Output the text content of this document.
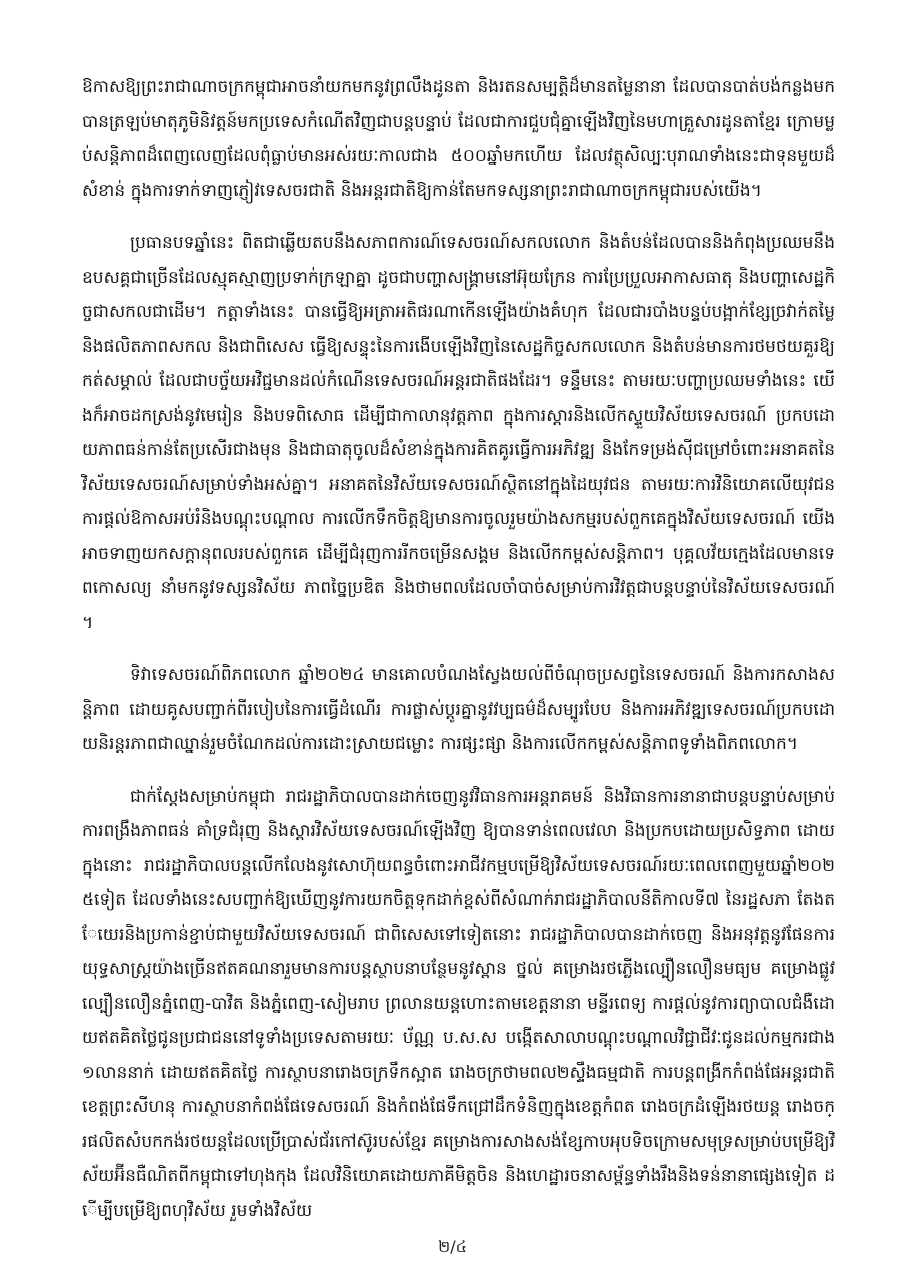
ឱកាសឱ្យព្រះរាជាណាចក្រកម្ពុជាអាចនាំយកមកនូវព្រលឹងដូនតា និងរតនសម្បត្តិដ៏មានតម្លៃនានា ដែលបានបាត់បង់កន្លងមក បានត្រឡប់មាតុភូមិនិវត្តន៍មកប្រទេសកំណើតវិញជាបន្តបន្ទាប់ ដែលជាការជួបជុំគ្នាឡើងវិញនៃមហាគ្រួសារដូនតាខ្មែរ ក្រោមម្លប់សន្តិភាពដ៏ពេញលេញដែលពុំធ្លាប់មានអស់រយៈកាលជាង ៥០០ឆ្នាំមកហើយ ដែលវត្ថុសិល្បៈបុរាណទាំងនេះជាទុនមួយដ៏សំខាន់ ក្នុងការទាក់ទាញភ្ញៀវទេសចរជាតិ និងអន្តរជាតិឱ្យកាន់តែមកទស្សនាព្រះរាជាណាចក្រកម្ពុជារបស់យើង។

ប្រធានបទឆ្នាំនេះ ពិតជាឆ្លើយតបនឹងសភាពការណ៍ទេសចរណ៍សកលលោក និងតំបន់ដែលបាននិងកំពុងប្រឈមនឹងឧបសគ្គជាច្រើនដែលស្មុគស្មាញប្រទាក់ក្រឡាគ្នា ដូចជាបញ្ហាសង្គ្រាមនៅអ៊ុយក្រែន ការប្រែប្រួលអាកាសធាតុ និងបញ្ហាសេដ្ឋកិច្ចជាសកលជាដើម។ កត្តាទាំងនេះ បានធ្វើឱ្យអត្រាអតិផរណាកើនឡើងយ៉ាងគំហុក ដែលជារបាំងបន្ទប់បង្អាក់ខ្សែច្រវាក់តម្លៃ និងផលិតភាពសកល និងជាពិសេស ធ្វើឱ្យសន្ទុះនៃការងើបឡើងវិញនៃសេដ្ឋកិច្ចសកលលោក និងតំបន់មានការថមថយគួរឱ្យកត់សម្គាល់ ដែលជាបច្ច័យអវិជ្ជមានដល់កំណើនទេសចរណ៍អន្តរជាតិផងដែរ។ ទន្ទឹមនេះ តាមរយៈបញ្ហាប្រឈមទាំងនេះ យើងក៏អាចដកស្រង់នូវមេរៀន និងបទពិសោធ ដើម្បីជាកាលានុវត្តភាព ក្នុងការស្តារនិងលើកស្ទួយវិស័យទេសចរណ៍ ប្រកបដោយភាពធន់កាន់តែប្រសើរជាងមុន និងជាធាតុចូលដ៏សំខាន់ក្នុងការគិតគូរធ្វើការអភិវឌ្ឍ និងកែទម្រង់ស៊ីជម្រៅចំពោះអនាគតនៃវិស័យទេសចរណ៍សម្រាប់ទាំងអស់គ្នា។ អនាគតនៃវិស័យទេសចរណ៍ស្ថិតនៅក្នុងដៃយុវជន តាមរយៈការវិនិយោគលើយុវជន ការផ្តល់ឱកាសអប់រំនិងបណ្តុះបណ្តាល ការលើកទឹកចិត្តឱ្យមានការចូលរួមយ៉ាងសកម្មរបស់ពួកគេក្នុងវិស័យទេសចរណ៍ យើងអាចទាញយកសក្តានុពលរបស់ពួកគេ ដើម្បីជំរុញការរីកចម្រើនសង្គម និងលើកកម្ពស់សន្តិភាព។ បុគ្គលវ័យក្មេងដែលមានទេពកោសល្យ នាំមកនូវទស្សនវិស័យ ភាពច្នៃប្រឌិត និងថាមពលដែលចាំបាច់សម្រាប់ការវិវត្តជាបន្តបន្ទាប់នៃវិស័យទេសចរណ៍។

ទិវាទេសចរណ៍ពិភពលោក ឆ្នាំ២០២៤ មានគោលបំណងស្វែងយល់ពីចំណុចប្រសព្វនៃទេសចរណ៍ និងការកសាងសន្តិភាព ដោយគូសបញ្ជាក់ពីរបៀបនៃការធ្វើដំណើរ ការផ្លាស់ប្តូរគ្នានូវវប្បធម៌ដ៏សម្បូរបែប និងការអភិវឌ្ឍទេសចរណ៍ប្រកបដោយនិរន្តរភាពជាឈ្នាន់រួមចំណែកដល់ការដោះស្រាយជម្លោះ ការផ្សះផ្សា និងការលើកកម្ពស់សន្តិភាពទូទាំងពិភពលោក។

ជាក់ស្តែងសម្រាប់កម្ពុជា រាជរដ្ឋាភិបាលបានដាក់ចេញនូវវិធានការអន្តរាគមន៍ និងវិធានការនានាជាបន្តបន្ទាប់សម្រាប់ការពង្រឹងភាពធន់ គាំទ្រជំរុញ និងស្តារវិស័យទេសចរណ៍ឡើងវិញ ឱ្យបានទាន់ពេលវេលា និងប្រកបដោយប្រសិទ្ធភាព ដោយក្នុងនោះ រាជរដ្ឋាភិបាលបន្តលើកលែងនូវសោហ៊ុយពន្ធចំពោះអាជីវកម្មបម្រើឱ្យវិស័យទេសចរណ៍រយៈពេលពេញមួយឆ្នាំ២០២៥ទៀត ដែលទាំងនេះសបញ្ជាក់ឱ្យឃើញនូវការយកចិត្តទុកដាក់ខ្ពស់ពីសំណាក់រាជរដ្ឋាភិបាលនីតិកាលទី៧ នៃរដ្ឋសភា តែងតែយេរនិងប្រកាន់ខ្ជាប់ជាមួយវិស័យទេសចរណ៍ ជាពិសេសទៅទៀតនោះ រាជរដ្ឋាភិបាលបានដាក់ចេញ និងអនុវត្តនូវផែនការយុទ្ធសាស្ត្រយ៉ាងច្រើនឥតគណនារួមមានការបន្តស្ថាបនាបន្ថែមនូវស្ពាន ថ្នល់ គម្រោងរថភ្លើងល្បឿនលឿនមធ្យម គម្រោងផ្លូវល្បឿនលឿនភ្នំពេញ-បាវិត និងភ្នំពេញ-សៀមរាប ព្រលានយន្តហោះតាមខេត្តនានា មន្ទីរពេទ្យ ការផ្តល់នូវការព្យាបាលជំងឺដោយឥតគិតថ្លៃជូនប្រជាជននៅទូទាំងប្រទេសតាមរយៈ ប័ណ្ណ ប.ស.ស បង្កើតសាលាបណ្តុះបណ្តាលវិជ្ជាជីវៈជូនដល់កម្មករជាង១លាននាក់ ដោយឥតគិតថ្លៃ ការស្ថាបនារោងចក្រទឹកស្អាត រោងចក្រថាមពល២ស្ទឹងធម្មជាតិ ការបន្តពង្រីកកំពង់ផែអន្តរជាតិខេត្តព្រះសីហនុ ការស្ថាបនាកំពង់ផែទេសចរណ៍ និងកំពង់ផែទឹកជ្រៅដឹកទំនិញក្នុងខេត្តកំពត រោងចក្រដំឡើងរថយន្ត រោងចក្រផលិតសំបកកង់រថយន្តដែលប្រើប្រាស់ជ័រកៅស៊ូរបស់ខ្មែរ គម្រោងការសាងសង់ខ្សែកាបអុបទិចក្រោមសមុទ្រសម្រាប់បម្រើឱ្យវិស័យអ៊ីនធឺណិតពីកម្ពុជាទៅហុងកុង ដែលវិនិយោគដោយភាគីមិត្តចិន និងហេដ្ឋារចនាសម្ព័ន្ធទាំងរឹងនិងទន់នានាផ្សេងទៀត ដើម្បីបម្រើឱ្យពហុវិស័យ រួមទាំងវិស័យ

២/៤
